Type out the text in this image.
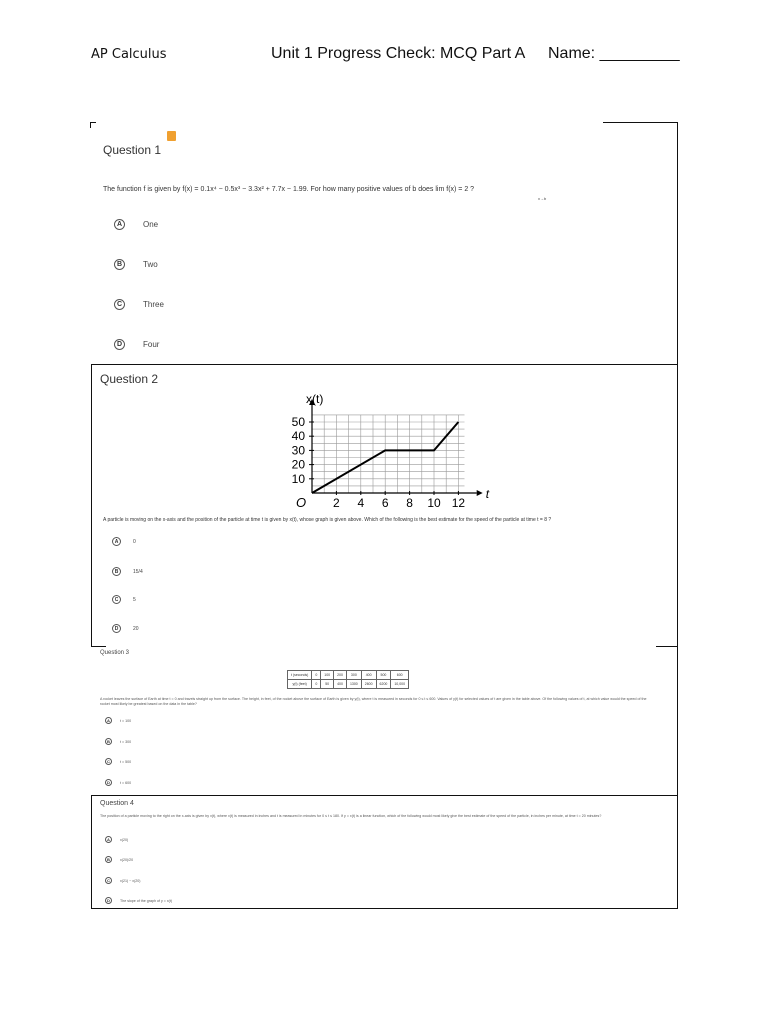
AP Calculus	Unit 1 Progress Check: MCQ Part A Name: _________
Question 1
The function f is given by f(x) = 0.1x⁴ − 0.5x³ − 3.3x² + 7.7x − 1.99. For how many positive values of b does lim f(x) = 2 ?
x→b
A	One
B	Two
C	Three
D	Four
Question 2
2 4 6 8 10 12
10
20
30
40
50
x(t)
t
O
A particle is moving on the x-axis and the position of the particle at time t is given by x(t), whose graph is given above. Which of the following is the best estimate for the speed of the particle at time t = 8 ?
A	0
B	15/4
C	5
D	20
Question 3
t (seconds)	0	100	200	300	400	500	600
y(t) (feet)	0	50	400	1300	2600	6200	10,000
A rocket leaves the surface of Earth at time t = 0 and travels straight up from the surface. The height, in feet, of the rocket above the surface of Earth is given by y(t), where t is measured in seconds for 0 ≤ t ≤ 600. Values of y(t) for selected values of t are given in the table above. Of the following values of t, at which value would the speed of the rocket most likely be greatest based on the data in the table?
A	t = 100
B	t = 300
C	t = 500
D	t = 600
Question 4
The position of a particle moving to the right on the x-axis is given by x(t), where x(t) is measured in inches and t is measured in minutes for 0 ≤ t ≤ 180. If y = x(t) is a linear function, which of the following would most likely give the best estimate of the speed of the particle, in inches per minute, at time t = 20 minutes?
A	x(20)
B	x(20)/20
C	x(21) − x(20)
D	The slope of the graph of y = x(t)
